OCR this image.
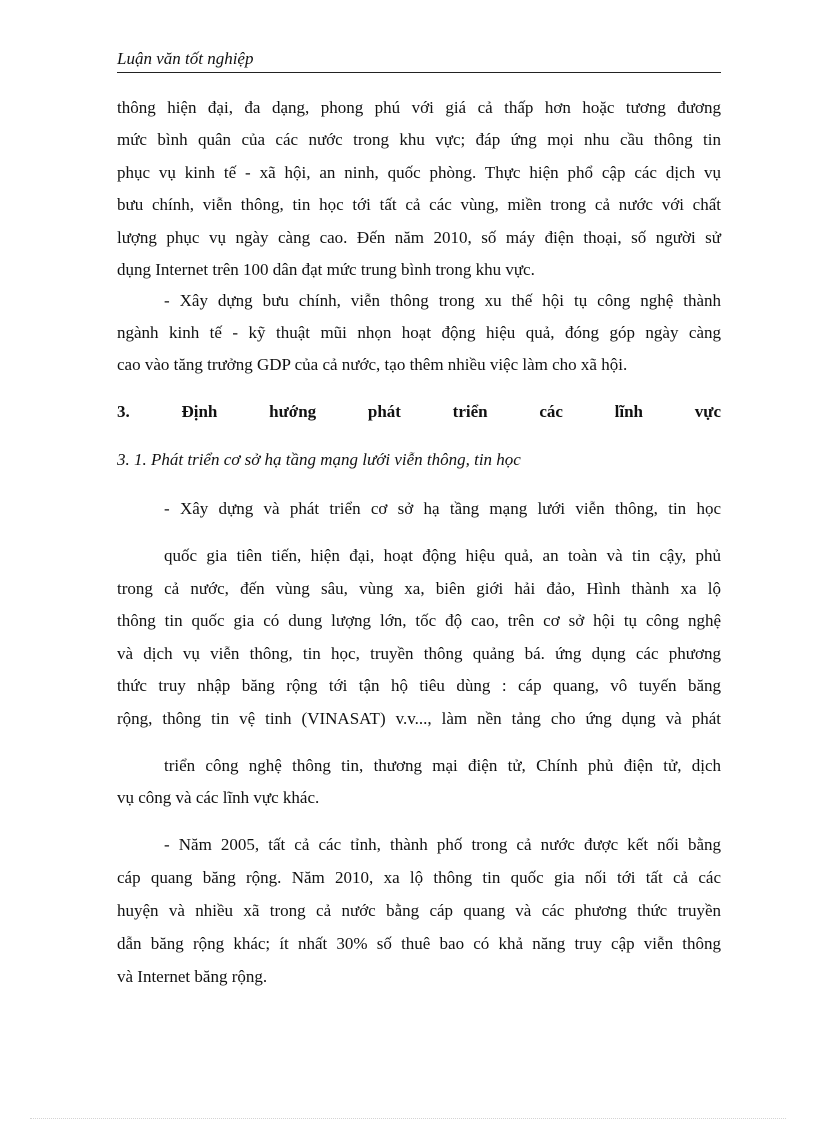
Luận văn tốt nghiệp
thông hiện đại, đa dạng, phong phú với giá cả thấp hơn hoặc tương đương
mức bình quân của các nước trong khu vực; đáp ứng mọi nhu cầu thông tin
phục vụ kinh tế - xã hội, an ninh, quốc phòng. Thực hiện phổ cập các dịch vụ
bưu chính, viễn thông, tin học tới tất cả các vùng, miền trong cả nước với chất
lượng phục vụ ngày càng cao. Đến năm 2010, số máy điện thoại, số người sử
dụng Internet trên 100 dân đạt mức trung bình trong khu vực.
- Xây dựng bưu chính, viễn thông trong xu thế hội tụ công nghệ thành
ngành kinh tế - kỹ thuật mũi nhọn hoạt động hiệu quả, đóng góp ngày càng
cao vào tăng trưởng GDP của cả nước, tạo thêm nhiều việc làm cho xã hội.
3. Định hướng phát triển các lĩnh vực
3. 1. Phát triển cơ sở hạ tầng mạng lưới viễn thông, tin học
- Xây dựng và phát triển cơ sở hạ tầng mạng lưới viễn thông, tin học
quốc gia tiên tiến, hiện đại, hoạt động hiệu quả, an toàn và tin cậy, phủ
trong cả nước, đến vùng sâu, vùng xa, biên giới hải đảo, Hình thành xa lộ
thông tin quốc gia có dung lượng lớn, tốc độ cao, trên cơ sở hội tụ công nghệ
và dịch vụ viễn thông, tin học, truyền thông quảng bá. ứng dụng các phương
thức truy nhập băng rộng tới tận hộ tiêu dùng : cáp quang, vô tuyến băng
rộng, thông tin vệ tinh (VINASAT) v.v..., làm nền tảng cho ứng dụng và phát
triển công nghệ thông tin, thương mại điện tử, Chính phủ điện tử, dịch
vụ công và các lĩnh vực khác.
- Năm 2005, tất cả các tỉnh, thành phố trong cả nước được kết nối bằng
cáp quang băng rộng. Năm 2010, xa lộ thông tin quốc gia nối tới tất cả các
huyện và nhiều xã trong cả nước bằng cáp quang và các phương thức truyền
dẫn băng rộng khác; ít nhất 30% số thuê bao có khả năng truy cập viễn thông
và Internet băng rộng.
